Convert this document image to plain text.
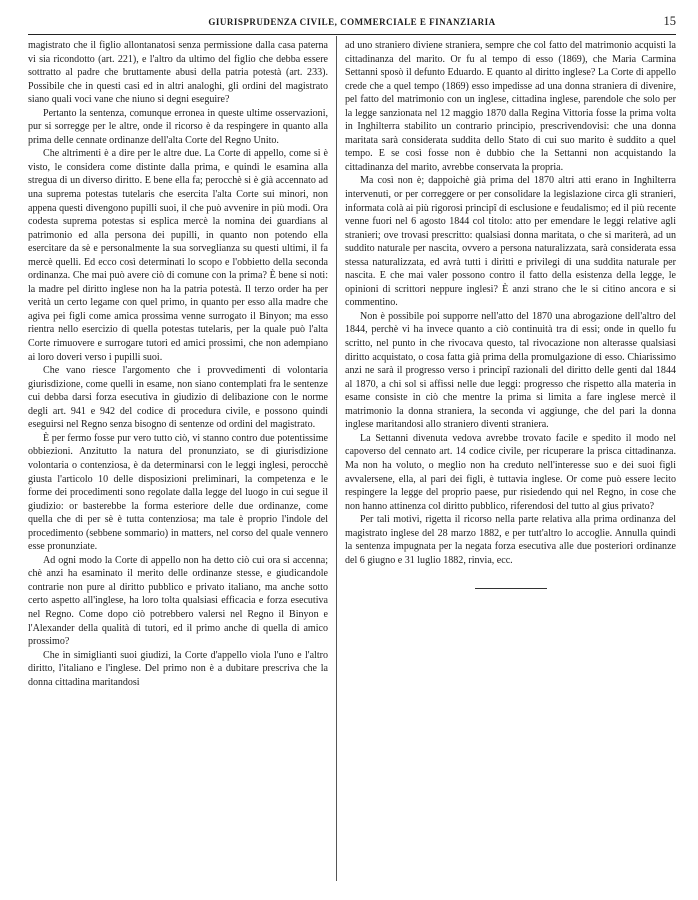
GIURISPRUDENZA CIVILE, COMMERCIALE E FINANZIARIA	15

magistrato che il figlio allontanatosi senza permissione dalla casa paterna vi sia ricondotto (art. 221), e l'altro da ultimo del figlio che debba essere sottratto al padre che bruttamente abusi della patria potestà (art. 233). Possibile che in questi casi ed in altri analoghi, gli ordini del magistrato siano quali voci vane che niuno si degni eseguire?

Pertanto la sentenza, comunque erronea in queste ultime osservazioni, pur si sorregge per le altre, onde il ricorso è da respingere in quanto alla prima delle cennate ordinanze dell'alta Corte del Regno Unito.

Che altrimenti è a dire per le altre due. La Corte di appello, come si è visto, le considera come distinte dalla prima, e quindi le esamina alla stregua di un diverso diritto. E bene ella fa; perocchè si è già accennato ad una suprema potestas tutelaris che esercita l'alta Corte sui minori, non appena questi divengono pupilli suoi, il che può avvenire in più modi. Ora codesta suprema potestas si esplica mercè la nomina dei guardians al patrimonio ed alla persona dei pupilli, in quanto non potendo ella esercitare da sè e personalmente la sua sorveglianza su questi ultimi, il fa mercè quelli. Ed ecco così determinati lo scopo e l'obbietto della seconda ordinanza. Che mai può avere ciò di comune con la prima? È bene si noti: la madre pel diritto inglese non ha la patria potestà. Il terzo order ha per verità un certo legame con quel primo, in quanto per esso alla madre che agiva pei figli come amica prossima venne surrogato il Binyon; ma esso rientra nello esercizio di quella potestas tutelaris, per la quale può l'alta Corte rimuovere e surrogare tutori ed amici prossimi, che non adempiano ai loro doveri verso i pupilli suoi.

Che vano riesce l'argomento che i provvedimenti di volontaria giurisdizione, come quelli in esame, non siano contemplati fra le sentenze cui debba darsi forza esecutiva in giudizio di delibazione con le norme degli art. 941 e 942 del codice di procedura civile, e possono quindi eseguirsi nel Regno senza bisogno di sentenze od ordini del magistrato.

È per fermo fosse pur vero tutto ciò, vi stanno contro due potentissime obbiezioni. Anzitutto la natura del pronunziato, se di giurisdizione volontaria o contenziosa, è da determinarsi con le leggi inglesi, perocchè giusta l'articolo 10 delle disposizioni preliminari, la competenza e le forme dei procedimenti sono regolate dalla legge del luogo in cui segue il giudizio: or basterebbe la forma esteriore delle due ordinanze, come quella che di per sè è tutta contenziosa; ma tale è proprio l'indole del procedimento (sebbene sommario) in matters, nel corso del quale vennero esse pronunziate.

Ad ogni modo la Corte di appello non ha detto ciò cui ora si accenna; chè anzi ha esaminato il merito delle ordinanze stesse, e giudicandole contrarie non pure al diritto pubblico e privato italiano, ma anche sotto certo aspetto all'inglese, ha loro tolta qualsiasi efficacia e forza esecutiva nel Regno. Come dopo ciò potrebbero valersi nel Regno il Binyon e l'Alexander della qualità di tutori, ed il primo anche di quella di amico prossimo?

Che in simiglianti suoi giudizi, la Corte d'appello viola l'uno e l'altro diritto, l'italiano e l'inglese. Del primo non è a dubitare prescriva che la donna cittadina maritandosi

ad uno straniero diviene straniera, sempre che col fatto del matrimonio acquisti la cittadinanza del marito. Or fu al tempo di esso (1869), che Maria Carmina Settanni sposò il defunto Eduardo. E quanto al diritto inglese? La Corte di appello crede che a quel tempo (1869) esso impedisse ad una donna straniera di divenire, pel fatto del matrimonio con un inglese, cittadina inglese, parendole che solo per la legge sanzionata nel 12 maggio 1870 dalla Regina Vittoria fosse la prima volta in Inghilterra stabilito un contrario principio, prescrivendovisi: che una donna maritata sarà considerata suddita dello Stato di cui suo marito è suddito a quel tempo. E se così fosse non è dubbio che la Settanni non acquistando la cittadinanza del marito, avrebbe conservata la propria.

Ma così non è; dappoichè già prima del 1870 altri atti erano in Inghilterra intervenuti, or per correggere or per consolidare la legislazione circa gli stranieri, informata colà ai più rigorosi principî di esclusione e feudalismo; ed il più recente venne fuori nel 6 agosto 1844 col titolo: atto per emendare le leggi relative agli stranieri; ove trovasi prescritto: qualsiasi donna maritata, o che si mariterà, ad un suddito naturale per nascita, ovvero a persona naturalizzata, sarà considerata essa stessa naturalizzata, ed avrà tutti i diritti e privilegi di una suddita naturale per nascita. E che mai valer possono contro il fatto della esistenza della legge, le opinioni di scrittori neppure inglesi? È anzi strano che le si citino ancora e si commentino.

Non è possibile poi supporre nell'atto del 1870 una abrogazione dell'altro del 1844, perchè vi ha invece quanto a ciò continuità tra di essi; onde in quello fu scritto, nel punto in che rivocava questo, tal rivocazione non alterasse qualsiasi diritto acquistato, o cosa fatta già prima della promulgazione di esso. Chiarissimo anzi ne sarà il progresso verso i principî razionali del diritto delle genti dal 1844 al 1870, a chi sol si affissi nelle due leggi: progresso che rispetto alla materia in esame consiste in ciò che mentre la prima si limita a fare inglese mercè il matrimonio la donna straniera, la seconda vi aggiunge, che del pari la donna inglese maritandosi allo straniero diventi straniera.

La Settanni divenuta vedova avrebbe trovato facile e spedito il modo nel capoverso del cennato art. 14 codice civile, per ricuperare la prisca cittadinanza. Ma non ha voluto, o meglio non ha creduto nell'interesse suo e dei suoi figli avvalersene, ella, al pari dei figli, è tuttavia inglese. Or come può essere lecito respingere la legge del proprio paese, pur risiedendo qui nel Regno, in cose che non hanno attinenza col diritto pubblico, riferendosi del tutto al gius privato?

Per tali motivi, rigetta il ricorso nella parte relativa alla prima ordinanza del magistrato inglese del 28 marzo 1882, e per tutt'altro lo accoglie. Annulla quindi la sentenza impugnata per la negata forza esecutiva alle due posteriori ordinanze del 6 giugno e 31 luglio 1882, rinvia, ecc.
